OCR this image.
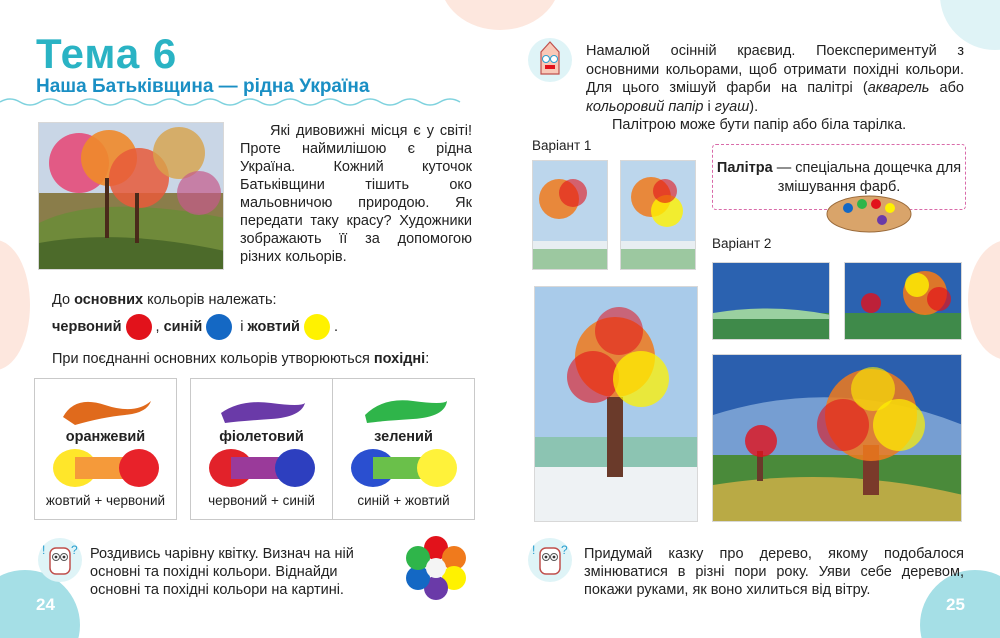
Тема 6
Наша Батьківщина — рідна Україна
Які дивовижні місця є у світі! Проте наймилішою є рідна Україна. Кожний куточок Батьківщини тішить око мальовничою природою. Як передати таку красу? Художники зображають її за допомогою різних кольорів.
До основних кольорів належать:
червоний , синій і жовтий .
При поєднанні основних кольорів утворюються похідні:
оранжевий
жовтий + червоний
фіолетовий
червоний + синій
зелений
синій + жовтий
! ? Роздивись чарівну квітку. Визнач на ній основні та похідні кольори. Віднайди основні та похідні кольори на картині.
24
Намалюй осінній краєвид. Поекспериментуй з основними кольорами, щоб отримати похідні кольори. Для цього змішуй фарби на палітрі (акварель або кольоровий папір і гуаш).
Палітрою може бути папір або біла тарілка.
Варіант 1
Палітра — спеціальна дощечка для змішування фарб.
Варіант 2
! ? Придумай казку про дерево, якому подобалося змінюватися в різні пори року. Уяви себе деревом, покажи руками, як воно хилиться від вітру.
25
